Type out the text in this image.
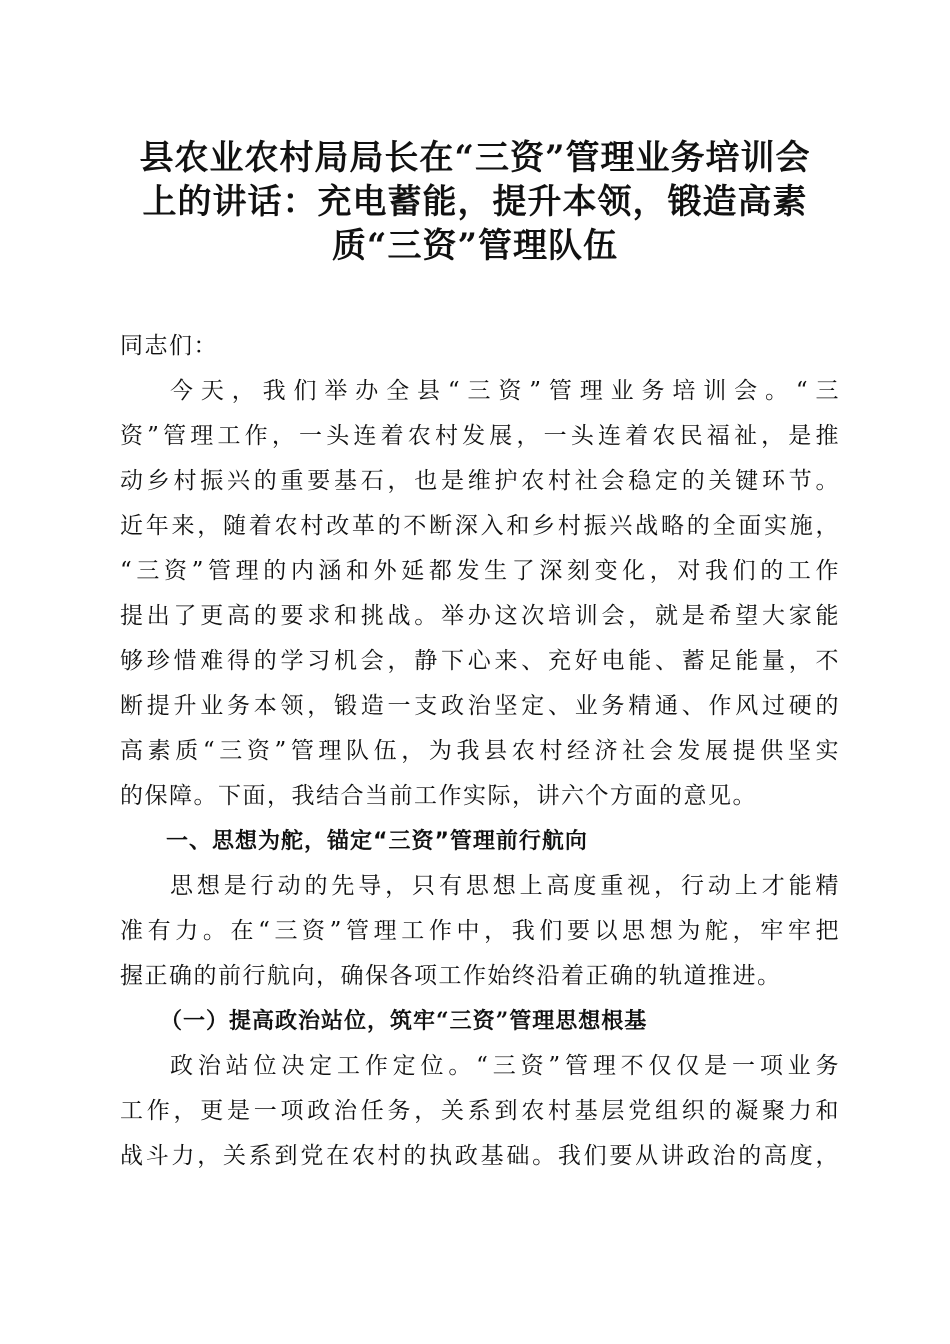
县农业农村局局长在“三资”管理业务培训会
上的讲话：充电蓄能，提升本领，锻造高素
质“三资”管理队伍
同志们：
今天，我们举办全县“三资”管理业务培训会。“三
资”管理工作，一头连着农村发展，一头连着农民福祉，是推
动乡村振兴的重要基石，也是维护农村社会稳定的关键环节。
近年来，随着农村改革的不断深入和乡村振兴战略的全面实施，
“三资”管理的内涵和外延都发生了深刻变化，对我们的工作
提出了更高的要求和挑战。举办这次培训会，就是希望大家能
够珍惜难得的学习机会，静下心来、充好电能、蓄足能量，不
断提升业务本领，锻造一支政治坚定、业务精通、作风过硬的
高素质“三资”管理队伍，为我县农村经济社会发展提供坚实
的保障。下面，我结合当前工作实际，讲六个方面的意见。
一、思想为舵，锚定“三资”管理前行航向
思想是行动的先导，只有思想上高度重视，行动上才能精
准有力。在“三资”管理工作中，我们要以思想为舵，牢牢把
握正确的前行航向，确保各项工作始终沿着正确的轨道推进。
（一）提高政治站位，筑牢“三资”管理思想根基
政治站位决定工作定位。“三资”管理不仅仅是一项业务
工作，更是一项政治任务，关系到农村基层党组织的凝聚力和
战斗力，关系到党在农村的执政基础。我们要从讲政治的高度，
